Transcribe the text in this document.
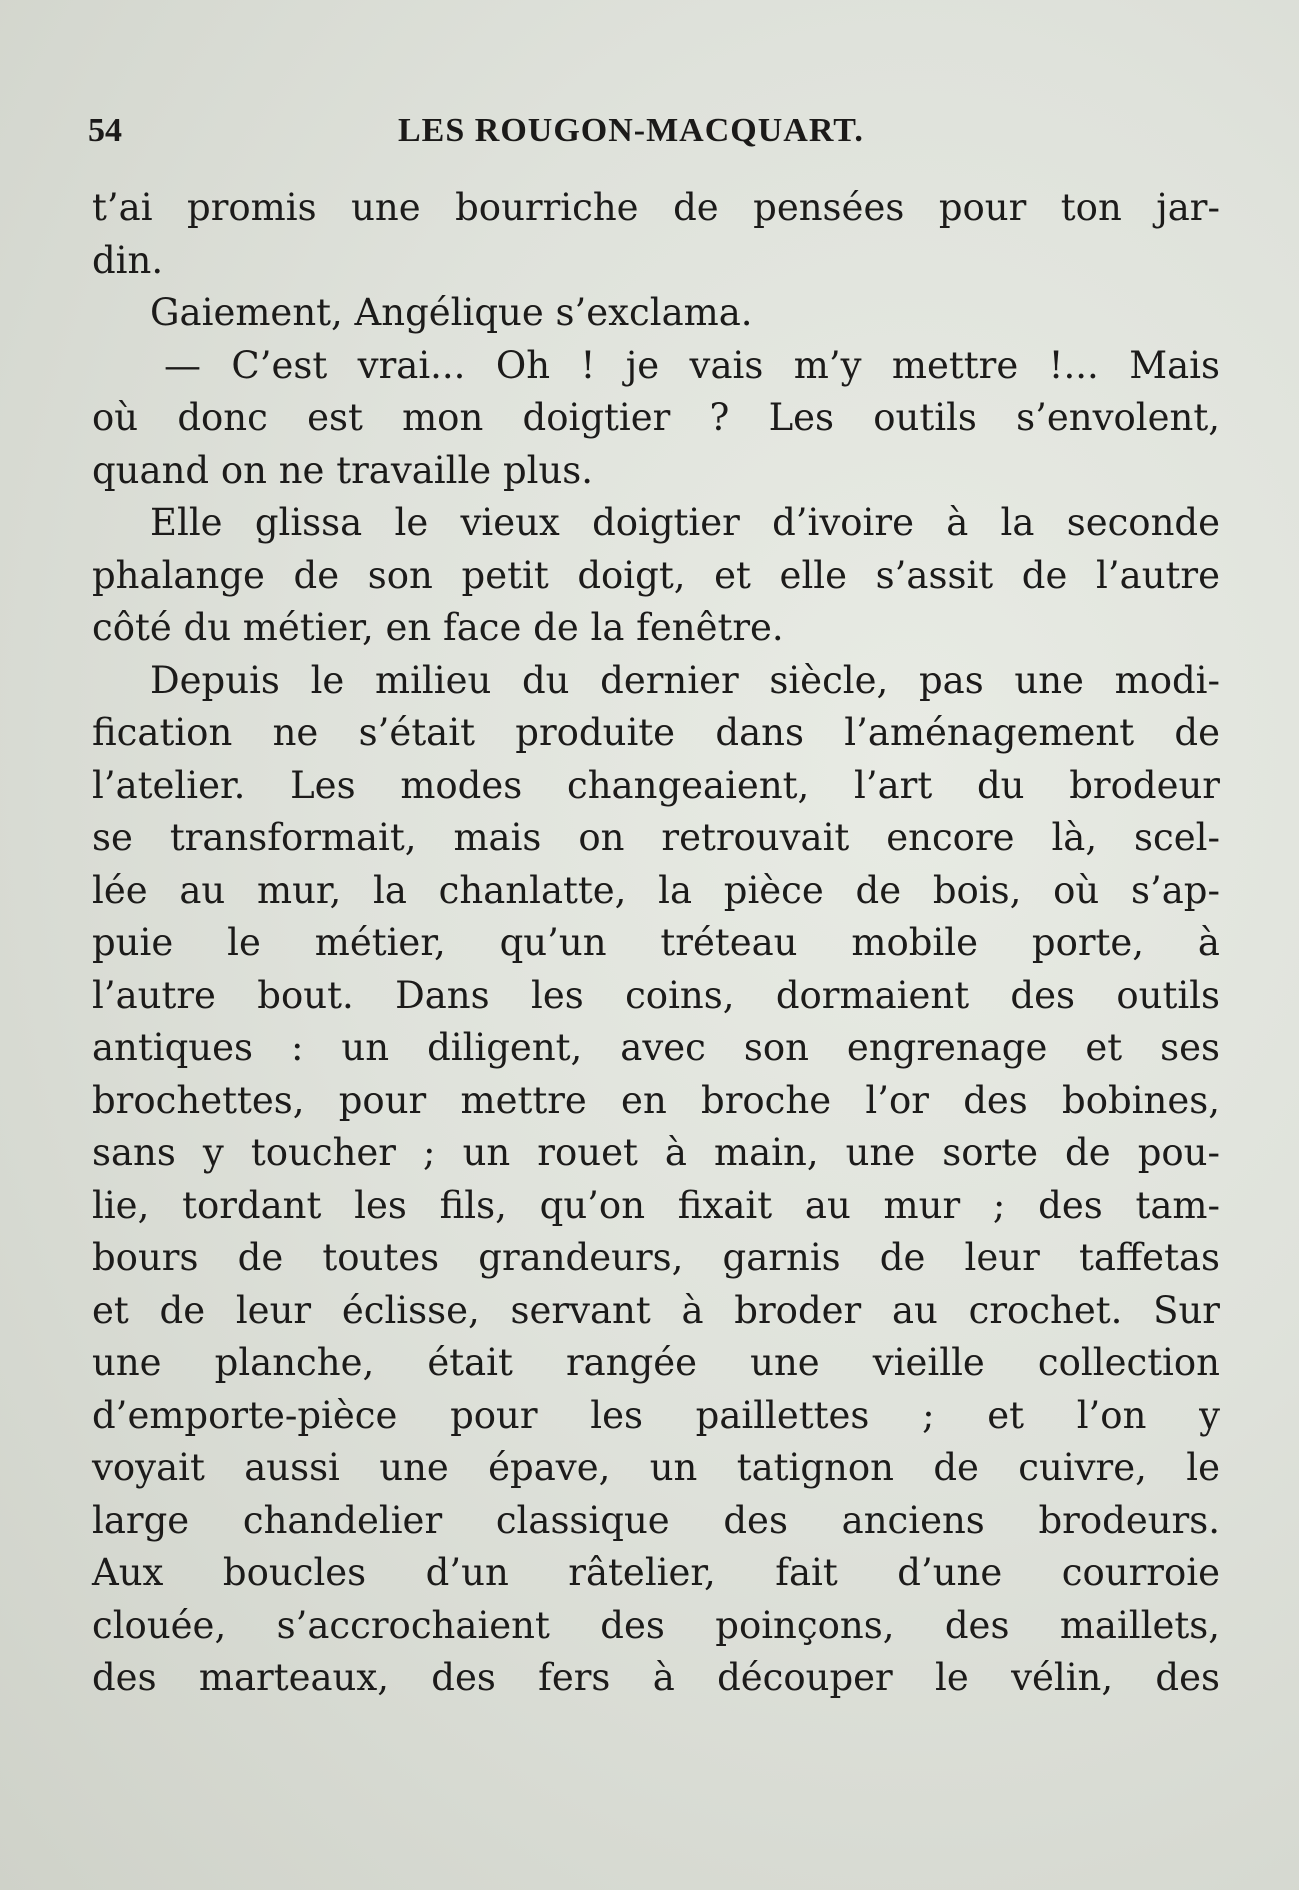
54	LES ROUGON-MACQUART.
t’ai promis une bourriche de pensées pour ton jar-
din.
Gaiement, Angélique s’exclama.
— C’est vrai... Oh ! je vais m’y mettre !... Mais
où donc est mon doigtier ? Les outils s’envolent,
quand on ne travaille plus.
Elle glissa le vieux doigtier d’ivoire à la seconde
phalange de son petit doigt, et elle s’assit de l’autre
côté du métier, en face de la fenêtre.
Depuis le milieu du dernier siècle, pas une modi-
fication ne s’était produite dans l’aménagement de
l’atelier. Les modes changeaient, l’art du brodeur
se transformait, mais on retrouvait encore là, scel-
lée au mur, la chanlatte, la pièce de bois, où s’ap-
puie le métier, qu’un tréteau mobile porte, à
l’autre bout. Dans les coins, dormaient des outils
antiques : un diligent, avec son engrenage et ses
brochettes, pour mettre en broche l’or des bobines,
sans y toucher ; un rouet à main, une sorte de pou-
lie, tordant les fils, qu’on fixait au mur ; des tam-
bours de toutes grandeurs, garnis de leur taffetas
et de leur éclisse, servant à broder au crochet. Sur
une planche, était rangée une vieille collection
d’emporte-pièce pour les paillettes ; et l’on y
voyait aussi une épave, un tatignon de cuivre, le
large chandelier classique des anciens brodeurs.
Aux boucles d’un râtelier, fait d’une courroie
clouée, s’accrochaient des poinçons, des maillets,
des marteaux, des fers à découper le vélin, des
